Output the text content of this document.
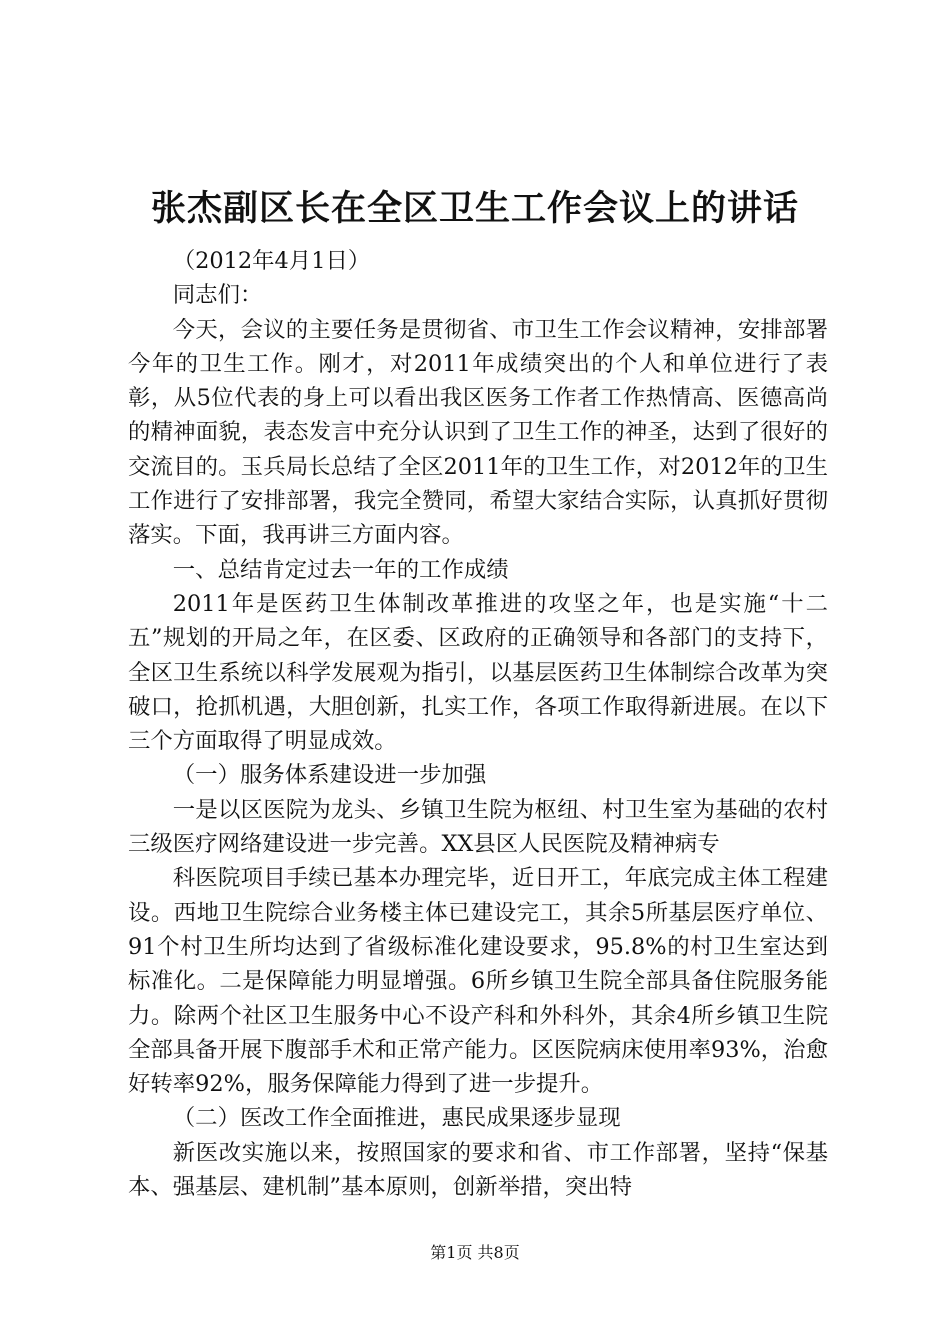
张杰副区长在全区卫生工作会议上的讲话

（2012年4月1日）

同志们：

今天，会议的主要任务是贯彻省、市卫生工作会议精神，安排部署今年的卫生工作。刚才，对2011年成绩突出的个人和单位进行了表彰，从5位代表的身上可以看出我区医务工作者工作热情高、医德高尚的精神面貌，表态发言中充分认识到了卫生工作的神圣，达到了很好的交流目的。玉兵局长总结了全区2011年的卫生工作，对2012年的卫生工作进行了安排部署，我完全赞同，希望大家结合实际，认真抓好贯彻落实。下面，我再讲三方面内容。

一、总结肯定过去一年的工作成绩

2011年是医药卫生体制改革推进的攻坚之年，也是实施“十二五”规划的开局之年，在区委、区政府的正确领导和各部门的支持下，全区卫生系统以科学发展观为指引，以基层医药卫生体制综合改革为突破口，抢抓机遇，大胆创新，扎实工作，各项工作取得新进展。在以下三个方面取得了明显成效。

（一）服务体系建设进一步加强

一是以区医院为龙头、乡镇卫生院为枢纽、村卫生室为基础的农村三级医疗网络建设进一步完善。XX县区人民医院及精神病专

科医院项目手续已基本办理完毕，近日开工，年底完成主体工程建设。西地卫生院综合业务楼主体已建设完工，其余5所基层医疗单位、91个村卫生所均达到了省级标准化建设要求，95.8%的村卫生室达到标准化。二是保障能力明显增强。6所乡镇卫生院全部具备住院服务能力。除两个社区卫生服务中心不设产科和外科外，其余4所乡镇卫生院全部具备开展下腹部手术和正常产能力。区医院病床使用率93%，治愈好转率92%，服务保障能力得到了进一步提升。

（二）医改工作全面推进，惠民成果逐步显现

新医改实施以来，按照国家的要求和省、市工作部署，坚持“保基本、强基层、建机制”基本原则，创新举措，突出特

第1页 共8页
